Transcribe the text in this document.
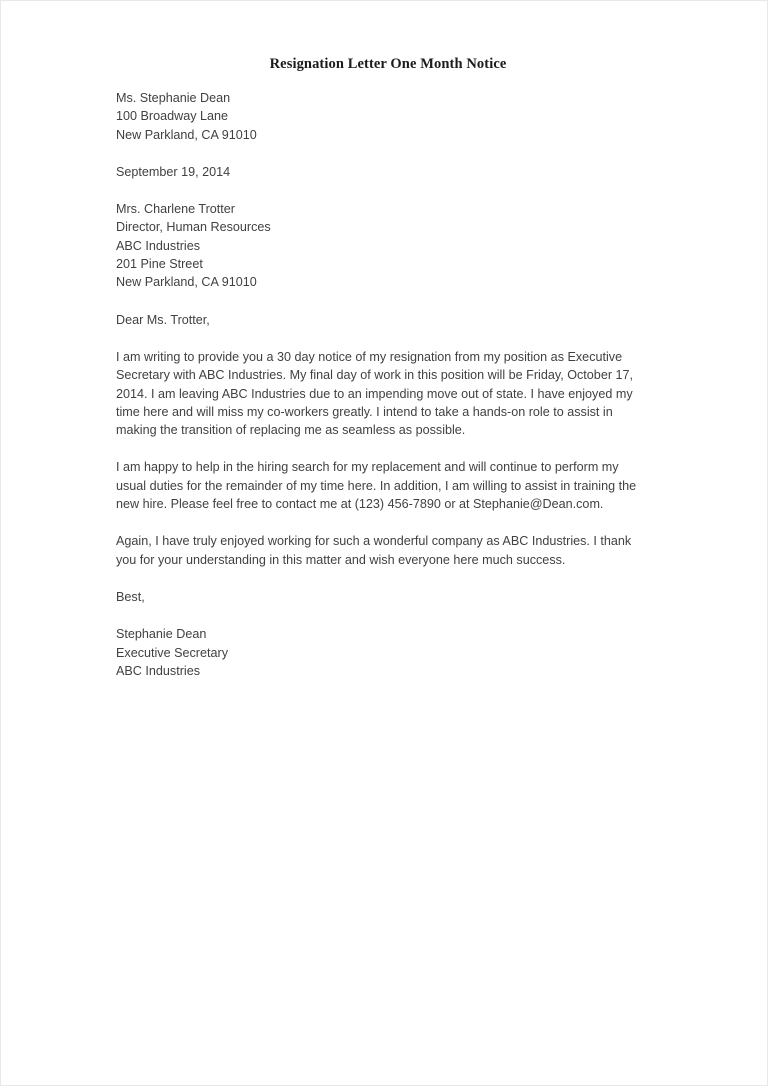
Resignation Letter One Month Notice
Ms. Stephanie Dean
100 Broadway Lane
New Parkland, CA 91010
September 19, 2014
Mrs. Charlene Trotter
Director, Human Resources
ABC Industries
201 Pine Street
New Parkland, CA 91010
Dear Ms. Trotter,
I am writing to provide you a 30 day notice of my resignation from my position as Executive Secretary with ABC Industries. My final day of work in this position will be Friday, October 17, 2014. I am leaving ABC Industries due to an impending move out of state. I have enjoyed my time here and will miss my co-workers greatly. I intend to take a hands-on role to assist in making the transition of replacing me as seamless as possible.
I am happy to help in the hiring search for my replacement and will continue to perform my usual duties for the remainder of my time here. In addition, I am willing to assist in training the new hire. Please feel free to contact me at (123) 456-7890 or at Stephanie@Dean.com.
Again, I have truly enjoyed working for such a wonderful company as ABC Industries. I thank you for your understanding in this matter and wish everyone here much success.
Best,
Stephanie Dean
Executive Secretary
ABC Industries
